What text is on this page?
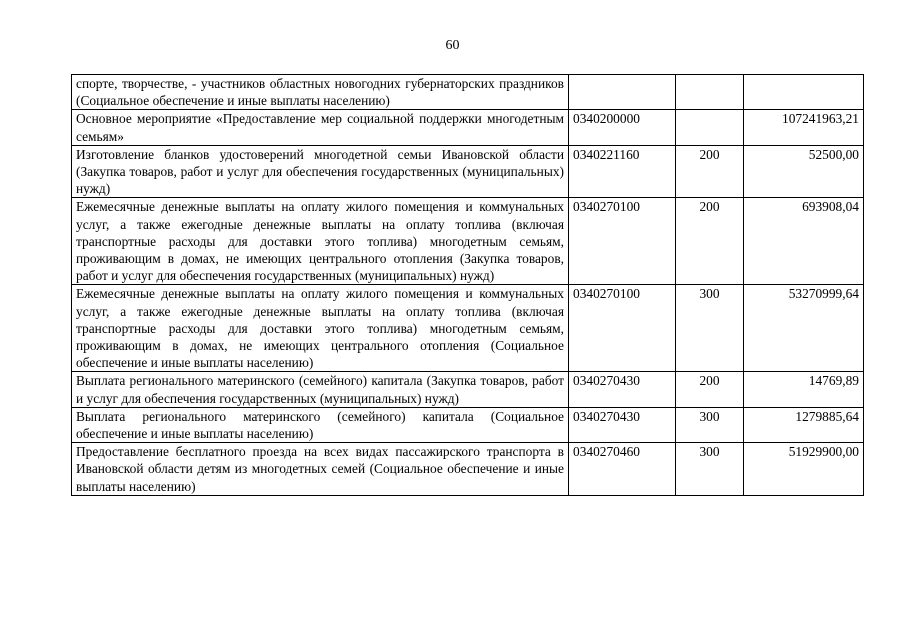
60
спорте, творчестве, - участников областных новогодних губернаторских праздников (Социальное обеспечение и иные выплаты населению)			
Основное мероприятие «Предоставление мер социальной поддержки многодетным семьям»	0340200000		107241963,21
Изготовление бланков удостоверений многодетной семьи Ивановской области (Закупка товаров, работ и услуг для обеспечения государственных (муниципальных) нужд)	0340221160	200	52500,00
Ежемесячные денежные выплаты на оплату жилого помещения и коммунальных услуг, а также ежегодные денежные выплаты на оплату топлива (включая транспортные расходы для доставки этого топлива) многодетным семьям, проживающим в домах, не имеющих центрального отопления (Закупка товаров, работ и услуг для обеспечения государственных (муниципальных) нужд)	0340270100	200	693908,04
Ежемесячные денежные выплаты на оплату жилого помещения и коммунальных услуг, а также ежегодные денежные выплаты на оплату топлива (включая транспортные расходы для доставки этого топлива) многодетным семьям, проживающим в домах, не имеющих центрального отопления (Социальное обеспечение и иные выплаты населению)	0340270100	300	53270999,64
Выплата регионального материнского (семейного) капитала (Закупка товаров, работ и услуг для обеспечения государственных (муниципальных) нужд)	0340270430	200	14769,89
Выплата регионального материнского (семейного) капитала (Социальное обеспечение и иные выплаты населению)	0340270430	300	1279885,64
Предоставление бесплатного проезда на всех видах пассажирского транспорта в Ивановской области детям из многодетных семей (Социальное обеспечение и иные выплаты населению)	0340270460	300	51929900,00
